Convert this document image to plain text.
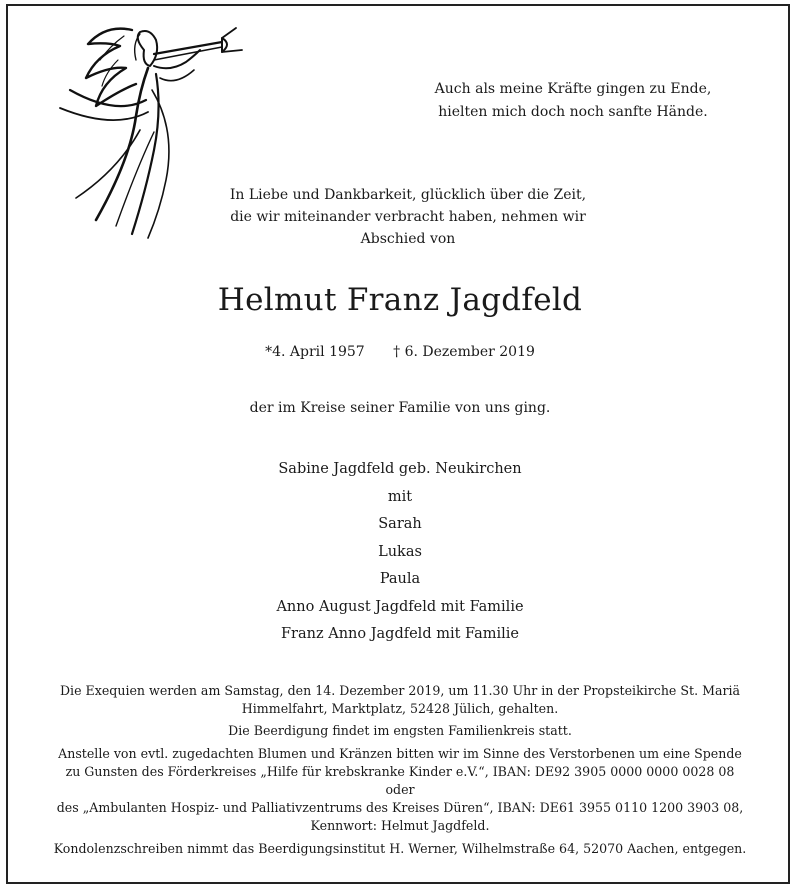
Auch als meine Kräfte gingen zu Ende,
hielten mich doch noch sanfte Hände.
In Liebe und Dankbarkeit, glücklich über die Zeit,
die wir miteinander verbracht haben, nehmen wir
Abschied von
Helmut Franz Jagdfeld
*4. April 1957 † 6. Dezember 2019
der im Kreise seiner Familie von uns ging.
Sabine Jagdfeld geb. Neukirchen
mit
Sarah
Lukas
Paula
Anno August Jagdfeld mit Familie
Franz Anno Jagdfeld mit Familie
Die Exequien werden am Samstag, den 14. Dezember 2019, um 11.30 Uhr in der Propsteikirche St. Mariä
Himmelfahrt, Marktplatz, 52428 Jülich, gehalten.
Die Beerdigung findet im engsten Familienkreis statt.
Anstelle von evtl. zugedachten Blumen und Kränzen bitten wir im Sinne des Verstorbenen um eine Spende
zu Gunsten des Förderkreises „Hilfe für krebskranke Kinder e.V.“, IBAN: DE92 3905 0000 0000 0028 08
oder
des „Ambulanten Hospiz- und Palliativzentrums des Kreises Düren“, IBAN: DE61 3955 0110 1200 3903 08,
Kennwort: Helmut Jagdfeld.
Kondolenzschreiben nimmt das Beerdigungsinstitut H. Werner, Wilhelmstraße 64, 52070 Aachen, entgegen.
